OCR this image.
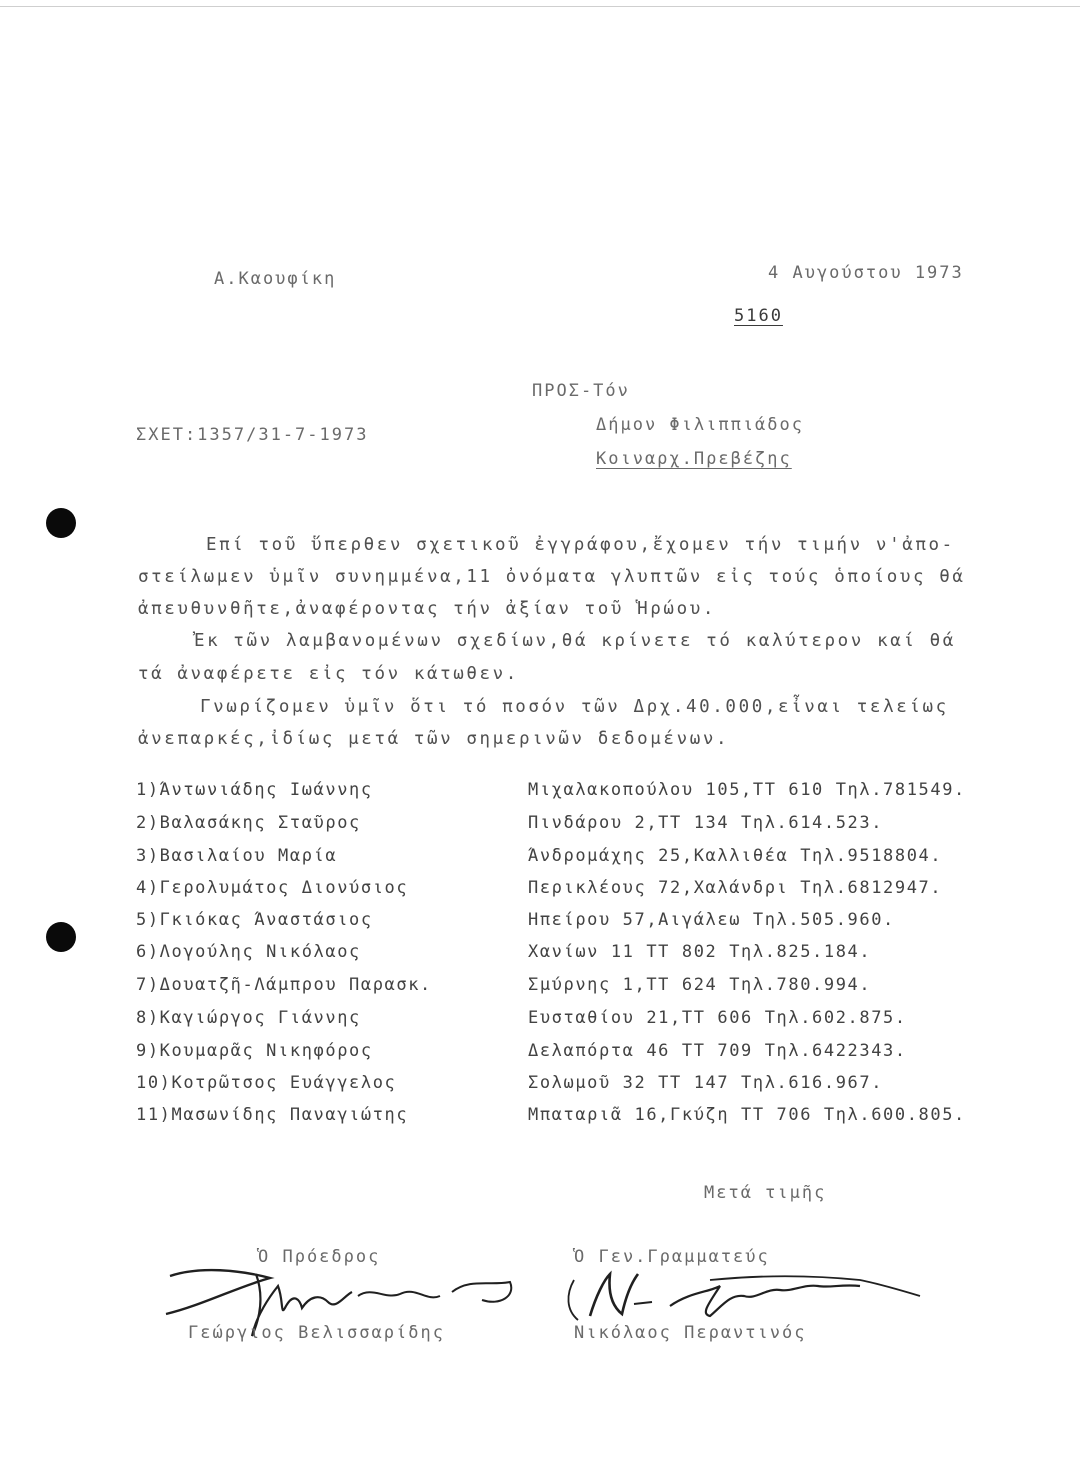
Α.Καουφίκη	4 Αυγούστου 1973
5160
ΣΧΕΤ:1357/31-7-1973
ΠΡΟΣ-Τόν
Δήμον Φιλιππιάδος
Κοιναρχ.Πρεβέζης
Επί τοῦ ὕπερθεν σχετικοῦ ἐγγράφου,ἔχομεν τήν τιμήν ν'ἀπο-
στείλωμεν ὑμῖν συνημμένα,11 ὀνόματα γλυπτῶν εἰς τούς ὁποίους θά
ἀπευθυνθῆτε,ἀναφέροντας τήν ἀξίαν τοῦ Ἡρώου.
Ἐκ τῶν λαμβανομένων σχεδίων,θά κρίνετε τό καλύτερον καί θά
τά ἀναφέρετε εἰς τόν κάτωθεν.
Γνωρίζομεν ὑμῖν ὅτι τό ποσόν τῶν Δρχ.40.000,εἶναι τελείως
ἀνεπαρκές,ἰδίως μετά τῶν σημερινῶν δεδομένων.
1)Άντωνιάδης Ιωάννης	Μιχαλακοπούλου 105,ΤΤ 610 Τηλ.781549.
2)Βαλασάκης Σταῦρος	Πινδάρου 2,ΤΤ 134 Τηλ.614.523.
3)Βασιλαίου Μαρία	Άνδρομάχης 25,Καλλιθέα Τηλ.9518804.
4)Γερολυμάτος Διονύσιος	Περικλέους 72,Χαλάνδρι Τηλ.6812947.
5)Γκιόκας Άναστάσιος	Ηπείρου 57,Αιγάλεω Τηλ.505.960.
6)Λογούλης Νικόλαος	Χανίων 11 ΤΤ 802 Τηλ.825.184.
7)Δουατζῆ-Λάμπρου Παρασκ.	Σμύρνης 1,ΤΤ 624 Τηλ.780.994.
8)Καγιώργος Γιάννης	Ευσταθίου 21,ΤΤ 606 Τηλ.602.875.
9)Κουμαρᾶς Νικηφόρος	Δελαπόρτα 46 ΤΤ 709 Τηλ.6422343.
10)Κοτρῶτσος Ευάγγελος	Σολωμοῦ 32 ΤΤ 147 Τηλ.616.967.
11)Μασωνίδης Παναγιώτης	Μπαταριᾶ 16,Γκύζη ΤΤ 706 Τηλ.600.805.
Μετά τιμῆς
Ὁ Πρόεδρος
Γεώργιος Βελισσαρίδης
Ὁ Γεν.Γραμματεύς
Νικόλαος Περαντινός
